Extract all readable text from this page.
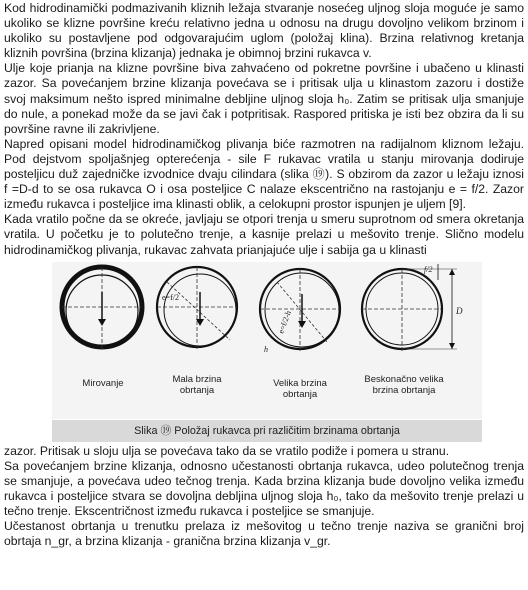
Kod hidrodinamički podmazivanih kliznih ležaja stvaranje nosećeg uljnog sloja moguće je samo ukoliko se klizne površine kreću relativno jedna u odnosu na drugu dovoljno velikom brzinom i ukoliko su postavljene pod odgovarajućim uglom (položaj klina). Brzina relativnog kretanja kliznih površina (brzina klizanja) jednaka je obimnoj brzini rukavca v.

Ulje koje prianja na klizne površine biva zahvaćeno od pokretne površine i ubačeno u klinasti zazor. Sa povećanjem brzine klizanja povećava se i pritisak ulja u klinastom zazoru i dostiže svoj maksimum nešto ispred minimalne debljine uljnog sloja h₀. Zatim se pritisak ulja smanjuje do nule, a ponekad može da se javi čak i potpritisak. Raspored pritiska je isti bez obzira da li su površine ravne ili zakrivljene.

Napred opisani model hidrodinamičkog plivanja biće razmotren na radijalnom kliznom ležaju. Pod dejstvom spoljašnjeg opterećenja - sile F rukavac vratila u stanju mirovanja dodiruje posteljicu duž zajedničke izvodnice dvaju cilindara (slika ⑲). S obzirom da zazor u ležaju iznosi f =D-d to se osa rukavca O i osa posteljice C nalaze ekscentrično na rastojanju e = f/2. Zazor između rukavca i posteljice ima klinasti oblik, a celokupni prostor ispunjen je uljem [9].

Kada vratilo počne da se okreće, javljaju se otpori trenja u smeru suprotnom od smera okretanja vratila. U početku je to polutečno trenje, a kasnije prelazi u mešovito trenje. Slično modelu hidrodinamičkog plivanja, rukavac zahvata prianjajuće ulje i sabija ga u klinasti

e=f/2
e=f/2-h
h
D
f/2
Mirovanje	Mala brzina obrtanja
Velika brzina obrtanja
Beskonačno velika brzina obrtanja
Slika ⑲ Položaj rukavca pri različitim brzinama obrtanja

zazor. Pritisak u sloju ulja se povećava tako da se vratilo podiže i pomera u stranu.

Sa povećanjem brzine klizanja, odnosno učestanosti obrtanja rukavca, udeo polutečnog trenja se smanjuje, a povećava udeo tečnog trenja. Kada brzina klizanja bude dovoljno velika između rukavca i posteljice stvara se dovoljna debljina uljnog sloja h₀, tako da mešovito trenje prelazi u tečno trenje. Ekscentričnost između rukavca i posteljice se smanjuje.

Učestanost obrtanja u trenutku prelaza iz mešovitog u tečno trenje naziva se granični broj obrtaja n_gr, a brzina klizanja - granična brzina klizanja v_gr.
